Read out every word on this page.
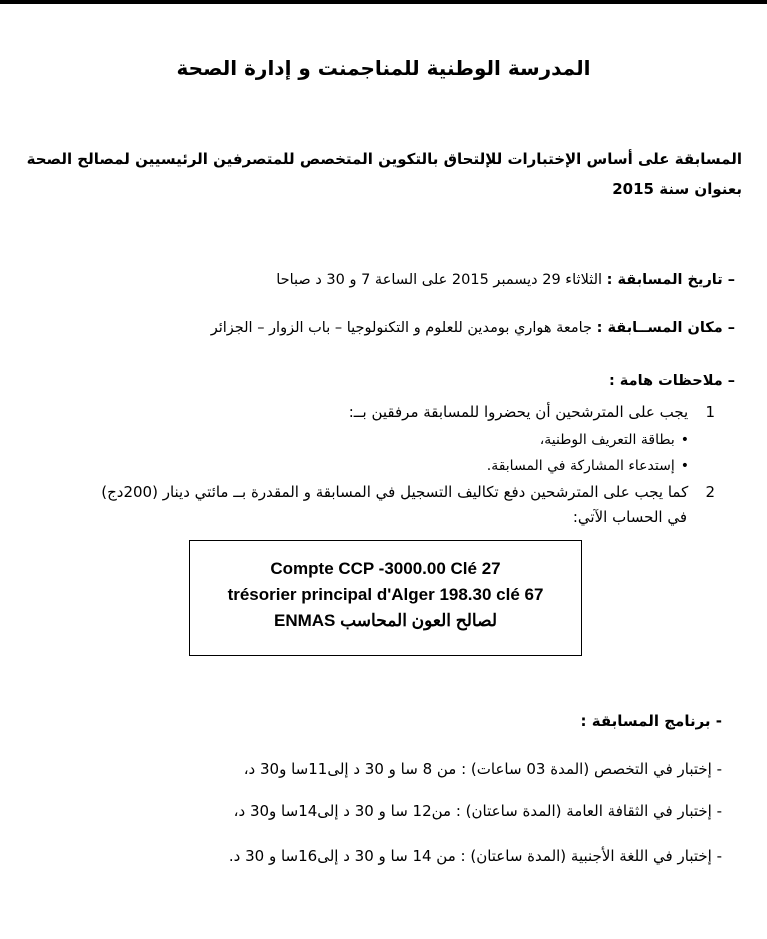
المدرسة الوطنية للمناجمنت و إدارة الصحة
المسابقة على أساس الإختبارات للإلتحاق بالتكوين المتخصص للمتصرفين الرئيسيين لمصالح الصحة
بعنوان سنة 2015
– تاريخ المسابقة : الثلاثاء 29 ديسمبر 2015 على الساعة 7 و 30 د صباحا
– مكان المســابقة : جامعة هواري بومدين للعلوم و التكنولوجيا – باب الزوار – الجزائر
– ملاحظات هامة :
1 يجب على المترشحين أن يحضروا للمسابقة مرفقين بــ:
• بطاقة التعريف الوطنية،
• إستدعاء المشاركة في المسابقة.
2 كما يجب على المترشحين دفع تكاليف التسجيل في المسابقة و المقدرة بــ مائتي دينار (200دج)
في الحساب الآتي:
Compte CCP -3000.00 Clé 27
trésorier principal d'Alger 198.30 clé 67
لصالح العون المحاسب ENMAS
- برنامج المسابقة :
- إختبار في التخصص (المدة 03 ساعات) : من 8 سا و 30 د إلى11سا و30 د،
- إختبار في الثقافة العامة (المدة ساعتان) : من12 سا و 30 د إلى14سا و30 د،
- إختبار في اللغة الأجنبية (المدة ساعتان) : من 14 سا و 30 د إلى16سا و 30 د.
